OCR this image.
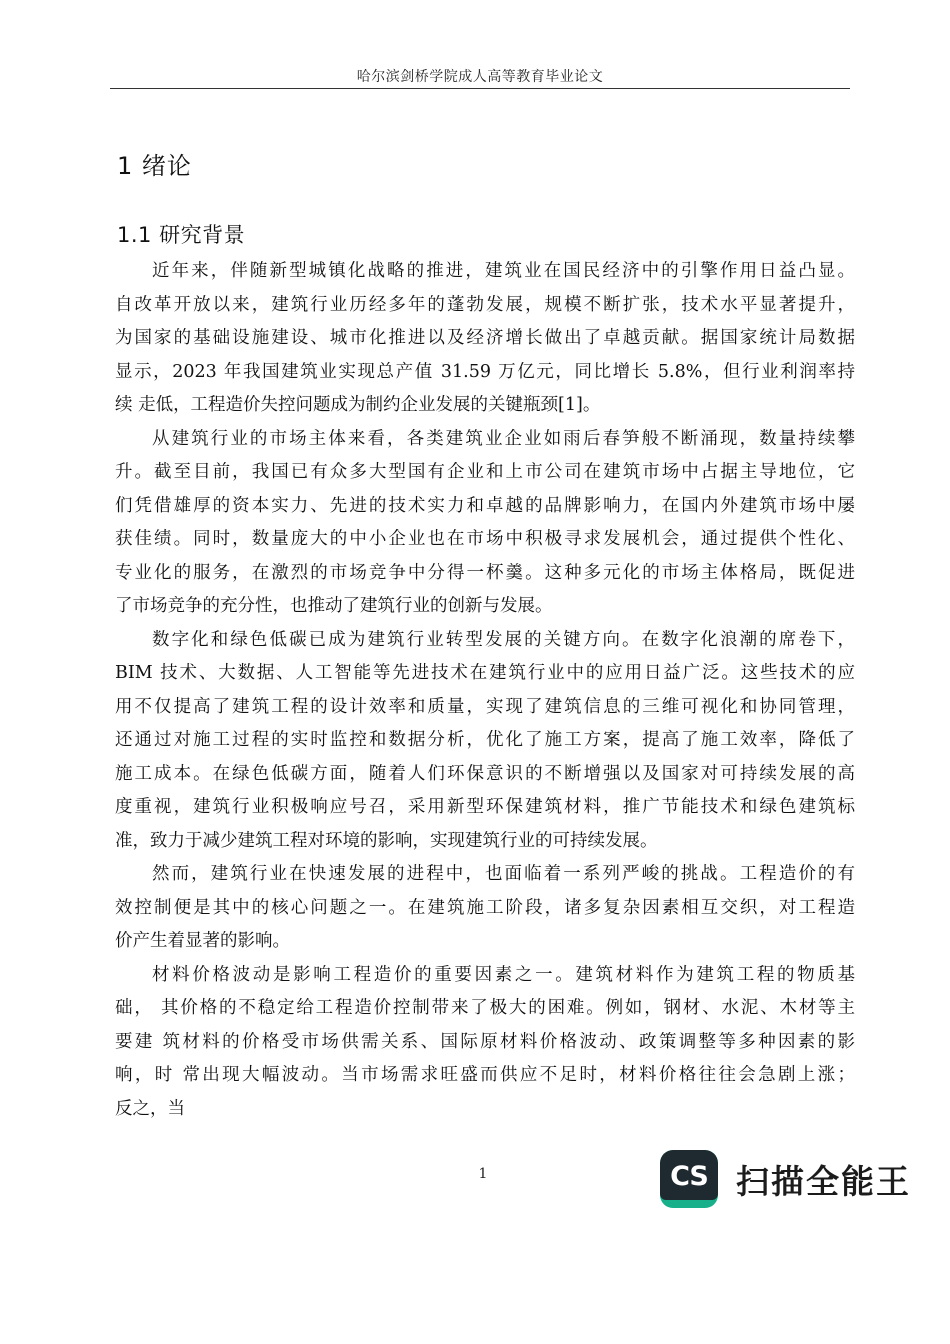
哈尔滨剑桥学院成人高等教育毕业论文
1 绪论
1.1 研究背景
近年来，伴随新型城镇化战略的推进，建筑业在国民经济中的引擎作用日益凸显。
自改革开放以来，建筑行业历经多年的蓬勃发展，规模不断扩张，技术水平显著提升，
为国家的基础设施建设、城市化推进以及经济增长做出了卓越贡献。据国家统计局数据
显示，2023 年我国建筑业实现总产值 31.59 万亿元，同比增长 5.8%，但行业利润率持
续 走低，工程造价失控问题成为制约企业发展的关键瓶颈[1]。
从建筑行业的市场主体来看，各类建筑业企业如雨后春笋般不断涌现，数量持续攀
升。截至目前，我国已有众多大型国有企业和上市公司在建筑市场中占据主导地位，它
们凭借雄厚的资本实力、先进的技术实力和卓越的品牌影响力，在国内外建筑市场中屡
获佳绩。同时，数量庞大的中小企业也在市场中积极寻求发展机会，通过提供个性化、
专业化的服务，在激烈的市场竞争中分得一杯羹。这种多元化的市场主体格局，既促进
了市场竞争的充分性，也推动了建筑行业的创新与发展。
数字化和绿色低碳已成为建筑行业转型发展的关键方向。在数字化浪潮的席卷下，
BIM 技术、大数据、人工智能等先进技术在建筑行业中的应用日益广泛。这些技术的应
用不仅提高了建筑工程的设计效率和质量，实现了建筑信息的三维可视化和协同管理，
还通过对施工过程的实时监控和数据分析，优化了施工方案，提高了施工效率，降低了
施工成本。在绿色低碳方面，随着人们环保意识的不断增强以及国家对可持续发展的高
度重视，建筑行业积极响应号召，采用新型环保建筑材料，推广节能技术和绿色建筑标
准，致力于减少建筑工程对环境的影响，实现建筑行业的可持续发展。
然而，建筑行业在快速发展的进程中，也面临着一系列严峻的挑战。工程造价的有
效控制便是其中的核心问题之一。在建筑施工阶段，诸多复杂因素相互交织，对工程造
价产生着显著的影响。
材料价格波动是影响工程造价的重要因素之一。建筑材料作为建筑工程的物质基
础， 其价格的不稳定给工程造价控制带来了极大的困难。例如，钢材、水泥、木材等主
要建 筑材料的价格受市场供需关系、国际原材料价格波动、政策调整等多种因素的影
响，时 常出现大幅波动。当市场需求旺盛而供应不足时，材料价格往往会急剧上涨；
反之，当
1	CS 扫描全能王
